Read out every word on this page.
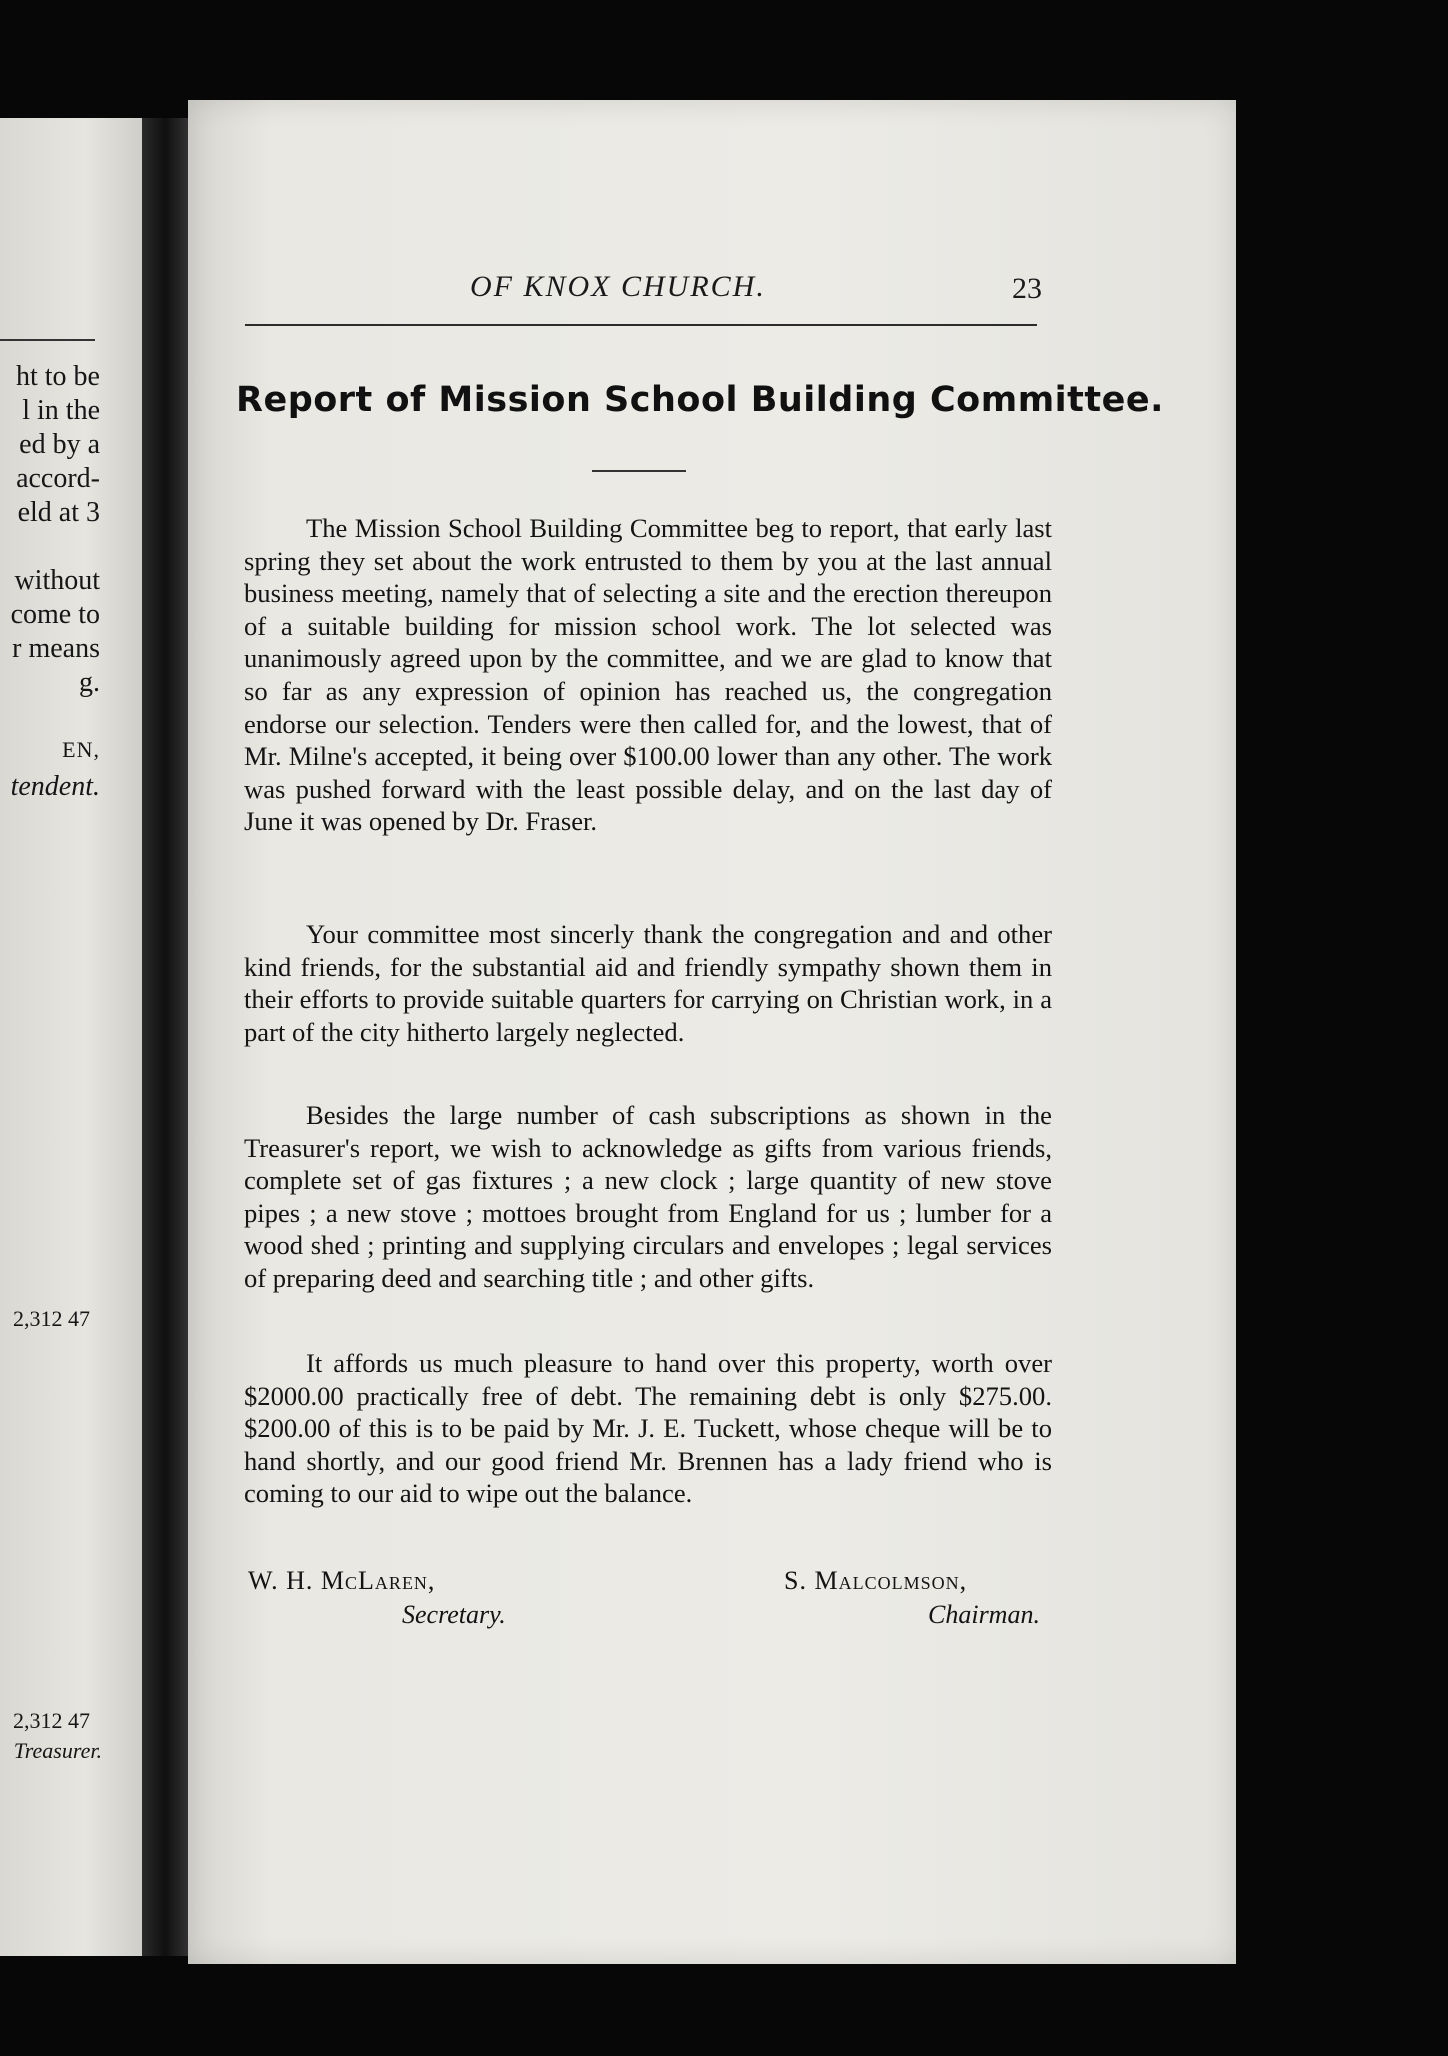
ht to be
l in the
ed by a
accord-
eld at 3
without
come to
r means
g.
EN,
tendent.
2,312 47
2,312 47
Treasurer.
OF KNOX CHURCH.	23
Report of Mission School Building Committee.

The Mission School Building Committee beg to report, that early last spring they set about the work entrusted to them by you at the last annual business meeting, namely that of selecting a site and the erection thereupon of a suitable building for mission school work. The lot selected was unanimously agreed upon by the committee, and we are glad to know that so far as any expression of opinion has reached us, the congregation endorse our selection. Tenders were then called for, and the lowest, that of Mr. Milne's accepted, it being over $100.00 lower than any other. The work was pushed forward with the least possible delay, and on the last day of June it was opened by Dr. Fraser.

Your committee most sincerly thank the congregation and and other kind friends, for the substantial aid and friendly sympathy shown them in their efforts to provide suitable quarters for carrying on Christian work, in a part of the city hitherto largely neglected.

Besides the large number of cash subscriptions as shown in the Treasurer's report, we wish to acknowledge as gifts from various friends, complete set of gas fixtures ; a new clock ; large quantity of new stove pipes ; a new stove ; mottoes brought from England for us ; lumber for a wood shed ; printing and supplying circulars and envelopes ; legal services of preparing deed and searching title ; and other gifts.

It affords us much pleasure to hand over this property, worth over $2000.00 practically free of debt. The remaining debt is only $275.00. $200.00 of this is to be paid by Mr. J. E. Tuckett, whose cheque will be to hand shortly, and our good friend Mr. Brennen has a lady friend who is coming to our aid to wipe out the balance.

W. H. McLaren,
Secretary.
S. Malcolmson,
Chairman.
